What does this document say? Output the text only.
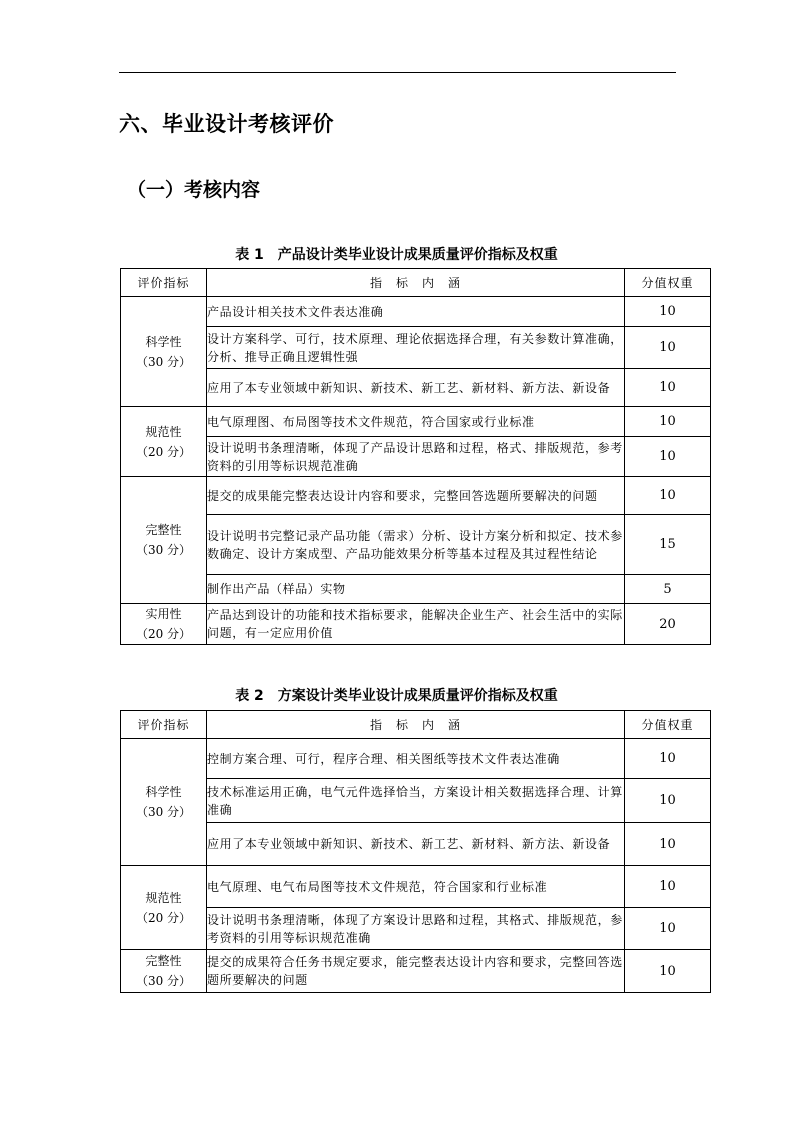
六、毕业设计考核评价
（一）考核内容
表 1　产品设计类毕业设计成果质量评价指标及权重
评价指标	指　标　内　涵	分值权重

科学性
（30 分）	产品设计相关技术文件表达准确	10
	设计方案科学、可行，技术原理、理论依据选择合理，有关参数计算准确，分析、推导正确且逻辑性强	10
	应用了本专业领域中新知识、新技术、新工艺、新材料、新方法、新设备	10

规范性
（20 分）	电气原理图、布局图等技术文件规范，符合国家或行业标准	10
	设计说明书条理清晰，体现了产品设计思路和过程，格式、排版规范，参考资料的引用等标识规范准确	10

完整性
（30 分）	提交的成果能完整表达设计内容和要求，完整回答选题所要解决的问题	10
	设计说明书完整记录产品功能（需求）分析、设计方案分析和拟定、技术参数确定、设计方案成型、产品功能效果分析等基本过程及其过程性结论	15
	制作出产品（样品）实物	5

实用性
（20 分）	产品达到设计的功能和技术指标要求，能解决企业生产、社会生活中的实际问题，有一定应用价值	20
表 2　方案设计类毕业设计成果质量评价指标及权重
评价指标	指　标　内　涵	分值权重

科学性
（30 分）	控制方案合理、可行，程序合理、相关图纸等技术文件表达准确	10
	技术标准运用正确，电气元件选择恰当，方案设计相关数据选择合理、计算准确	10
	应用了本专业领域中新知识、新技术、新工艺、新材料、新方法、新设备	10

规范性
（20 分）	电气原理、电气布局图等技术文件规范，符合国家和行业标准	10
	设计说明书条理清晰，体现了方案设计思路和过程，其格式、排版规范，参考资料的引用等标识规范准确	10

完整性
（30 分）	提交的成果符合任务书规定要求，能完整表达设计内容和要求，完整回答选题所要解决的问题	10
